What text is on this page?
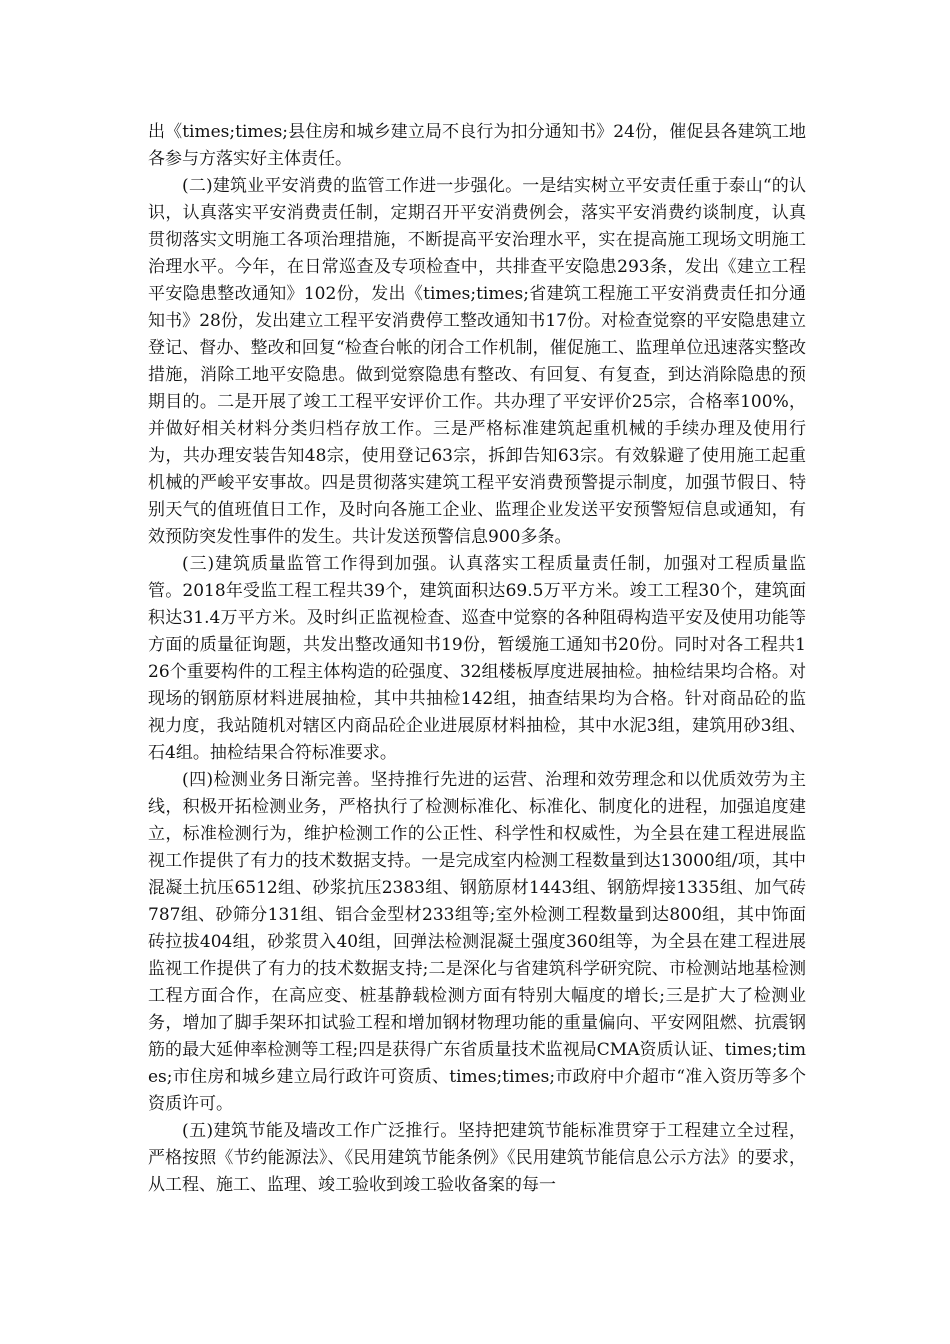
出《times;times;县住房和城乡建立局不良行为扣分通知书》24份，催促县各建筑工地各参与方落实好主体责任。

(二)建筑业平安消费的监管工作进一步强化。一是结实树立平安责任重于泰山“的认识，认真落实平安消费责任制，定期召开平安消费例会，落实平安消费约谈制度，认真贯彻落实文明施工各项治理措施，不断提高平安治理水平，实在提高施工现场文明施工治理水平。今年，在日常巡查及专项检查中，共排查平安隐患293条，发出《建立工程平安隐患整改通知》102份，发出《times;times;省建筑工程施工平安消费责任扣分通知书》28份，发出建立工程平安消费停工整改通知书17份。对检查觉察的平安隐患建立登记、督办、整改和回复“检查台帐的闭合工作机制，催促施工、监理单位迅速落实整改措施，消除工地平安隐患。做到觉察隐患有整改、有回复、有复查，到达消除隐患的预期目的。二是开展了竣工工程平安评价工作。共办理了平安评价25宗，合格率100%，并做好相关材料分类归档存放工作。三是严格标准建筑起重机械的手续办理及使用行为，共办理安装告知48宗，使用登记63宗，拆卸告知63宗。有效躲避了使用施工起重机械的严峻平安事故。四是贯彻落实建筑工程平安消费预警提示制度，加强节假日、特别天气的值班值日工作，及时向各施工企业、监理企业发送平安预警短信息或通知，有效预防突发性事件的发生。共计发送预警信息900多条。

(三)建筑质量监管工作得到加强。认真落实工程质量责任制，加强对工程质量监管。2018年受监工程工程共39个，建筑面积达69.5万平方米。竣工工程30个，建筑面积达31.4万平方米。及时纠正监视检查、巡查中觉察的各种阻碍构造平安及使用功能等方面的质量征询题，共发出整改通知书19份，暂缓施工通知书20份。同时对各工程共126个重要构件的工程主体构造的砼强度、32组楼板厚度进展抽检。抽检结果均合格。对现场的钢筋原材料进展抽检，其中共抽检142组，抽查结果均为合格。针对商品砼的监视力度，我站随机对辖区内商品砼企业进展原材料抽检，其中水泥3组，建筑用砂3组、石4组。抽检结果合符标准要求。

(四)检测业务日渐完善。坚持推行先进的运营、治理和效劳理念和以优质效劳为主线，积极开拓检测业务，严格执行了检测标准化、标准化、制度化的进程，加强追度建立，标准检测行为，维护检测工作的公正性、科学性和权威性，为全县在建工程进展监视工作提供了有力的技术数据支持。一是完成室内检测工程数量到达13000组/项，其中混凝土抗压6512组、砂浆抗压2383组、钢筋原材1443组、钢筋焊接1335组、加气砖787组、砂筛分131组、铝合金型材233组等;室外检测工程数量到达800组，其中饰面砖拉拔404组，砂浆贯入40组，回弹法检测混凝土强度360组等，为全县在建工程进展监视工作提供了有力的技术数据支持;二是深化与省建筑科学研究院、市检测站地基检测工程方面合作，在高应变、桩基静载检测方面有特别大幅度的增长;三是扩大了检测业务，增加了脚手架环扣试验工程和增加钢材物理功能的重量偏向、平安网阻燃、抗震钢筋的最大延伸率检测等工程;四是获得广东省质量技术监视局CMA资质认证、times;times;市住房和城乡建立局行政许可资质、times;times;市政府中介超市“准入资历等多个资质许可。

(五)建筑节能及墙改工作广泛推行。坚持把建筑节能标准贯穿于工程建立全过程，严格按照《节约能源法》、《民用建筑节能条例》《民用建筑节能信息公示方法》的要求，从工程、施工、监理、竣工验收到竣工验收备案的每一
